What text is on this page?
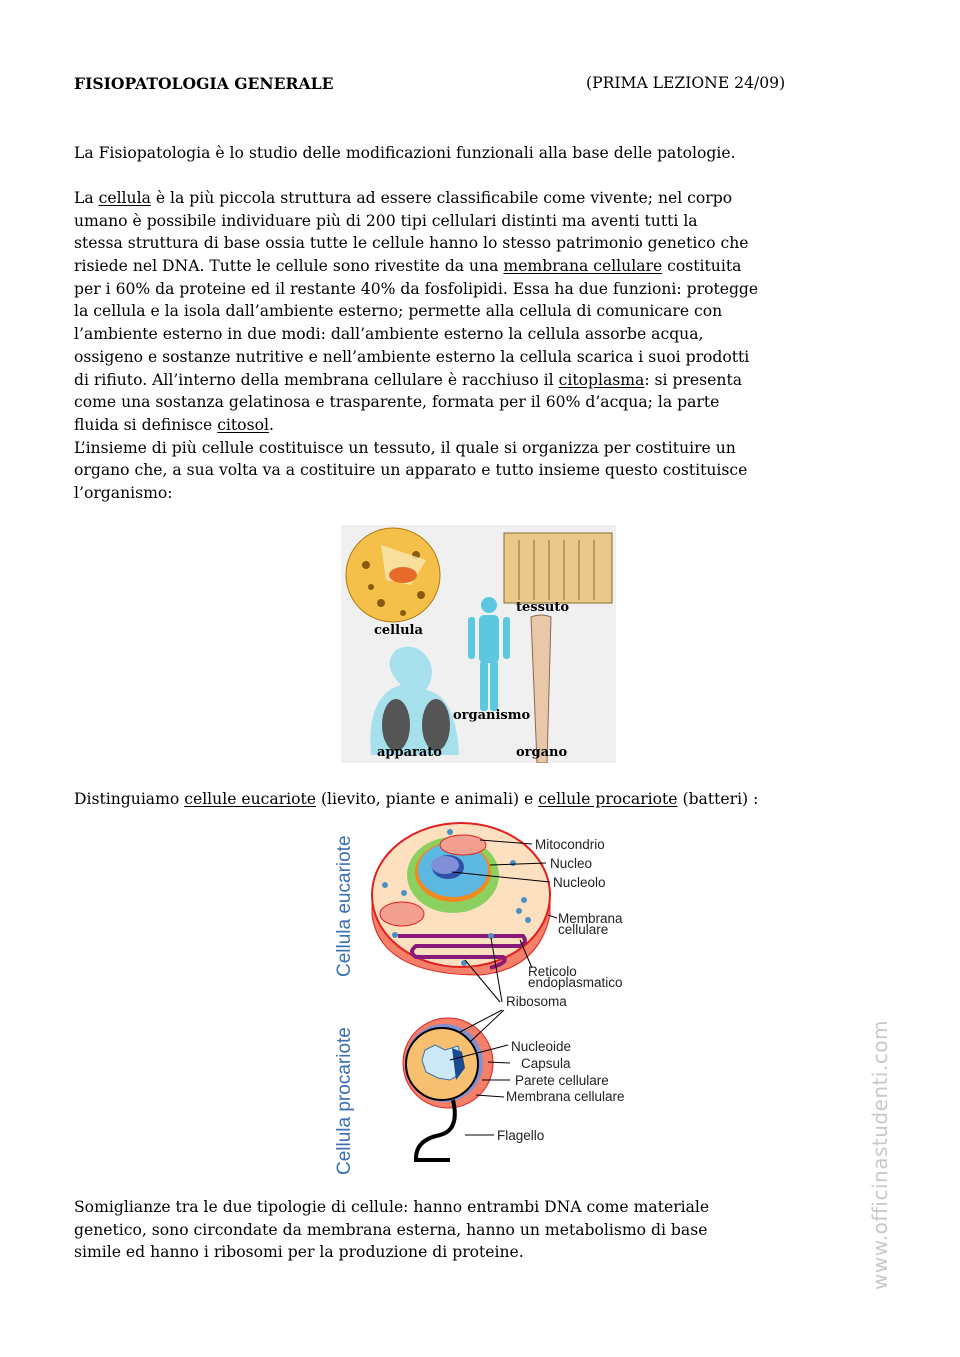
FISIOPATOLOGIA GENERALE	(PRIMA LEZIONE 24/09)
La Fisiopatologia è lo studio delle modificazioni funzionali alla base delle patologie.
La cellula è la più piccola struttura ad essere classificabile come vivente; nel corpo
umano è possibile individuare più di 200 tipi cellulari distinti ma aventi tutti la
stessa struttura di base ossia tutte le cellule hanno lo stesso patrimonio genetico che
risiede nel DNA. Tutte le cellule sono rivestite da una membrana cellulare costituita
per i 60% da proteine ed il restante 40% da fosfolipidi. Essa ha due funzioni: protegge
la cellula e la isola dall’ambiente esterno; permette alla cellula di comunicare con
l’ambiente esterno in due modi: dall’ambiente esterno la cellula assorbe acqua,
ossigeno e sostanze nutritive e nell’ambiente esterno la cellula scarica i suoi prodotti
di rifiuto. All’interno della membrana cellulare è racchiuso il citoplasma: si presenta
come una sostanza gelatinosa e trasparente, formata per il 60% d’acqua; la parte
fluida si definisce citosol.
L’insieme di più cellule costituisce un tessuto, il quale si organizza per costituire un
organo che, a sua volta va a costituire un apparato e tutto insieme questo costituisce
l’organismo:
cellula
tessuto
organismo
apparato	organo
Distinguiamo cellule eucariote (lievito, piante e animali) e cellule procariote (batteri) :
Cellula eucariote
Cellula procariote
Mitocondrio
Nucleo
Nucleolo
Membrana
cellulare
Reticolo
endoplasmatico
Ribosoma
Nucleoide
Capsula
Parete cellulare
Membrana cellulare
Flagello
Somiglianze tra le due tipologie di cellule: hanno entrambi DNA come materiale
genetico, sono circondate da membrana esterna, hanno un metabolismo di base
simile ed hanno i ribosomi per la produzione di proteine.	www.officinastudenti.com
